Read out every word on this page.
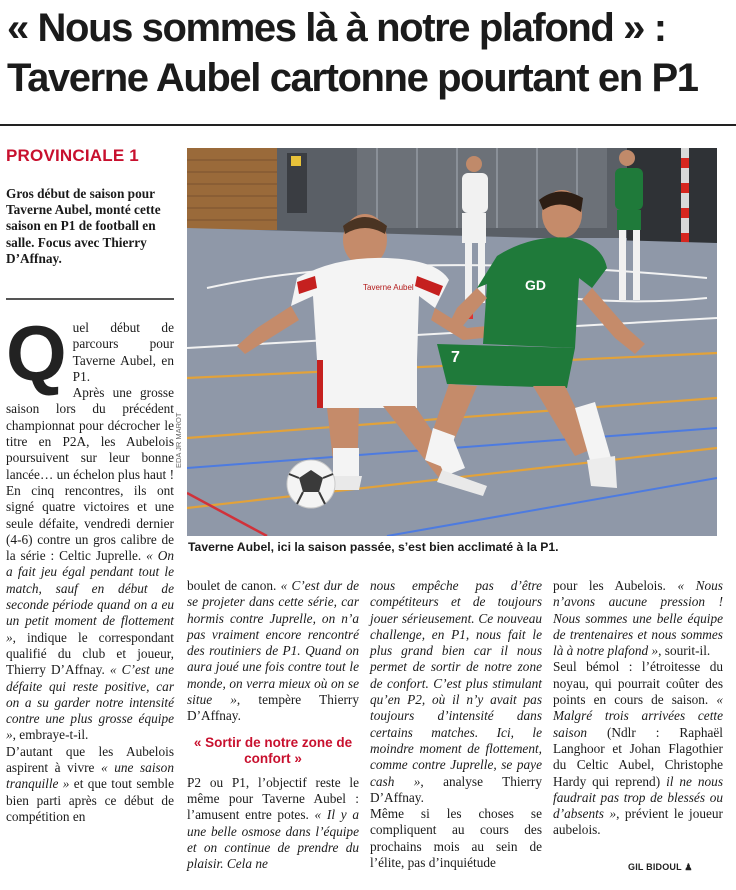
« Nous sommes là à notre plafond » :
Taverne Aubel cartonne pourtant en P1
PROVINCIALE 1
Gros début de saison pour Taverne Aubel, monté cette saison en P1 de football en salle. Focus avec Thierry D’Affnay.
Taverne Aubel	GD
7
EDA JR MAROT
Taverne Aubel, ici la saison passée, s’est bien acclimaté à la P1.

Quel début de parcours pour Taverne Aubel, en P1.

Après une grosse saison lors du précédent championnat pour décrocher le titre en P2A, les Aubelois poursuivent sur leur bonne lancée… un échelon plus haut ! En cinq rencontres, ils ont signé quatre victoires et une seule défaite, vendredi dernier (4-6) contre un gros calibre de la série : Celtic Juprelle. « On a fait jeu égal pendant tout le match, sauf en début de seconde période quand on a eu un petit moment de flottement », indique le correspondant qualifié du club et joueur, Thierry D’Affnay. « C’est une défaite qui reste positive, car on a su garder notre intensité contre une plus grosse équipe », embraye-t-il.

D’autant que les Aubelois aspirent à vivre « une saison tranquille » et que tout semble bien parti après ce début de compétition en

boulet de canon. « C’est dur de se projeter dans cette série, car hormis contre Juprelle, on n’a pas vraiment encore rencontré des routiniers de P1. Quand on aura joué une fois contre tout le monde, on verra mieux où on se situe », tempère Thierry D’Affnay.

« Sortir de notre zone de confort »

P2 ou P1, l’objectif reste le même pour Taverne Aubel : l’amusent entre potes. « Il y a une belle osmose dans l’équipe et on continue de prendre du plaisir. Cela ne

nous empêche pas d’être compétiteurs et de toujours jouer sérieusement. Ce nouveau challenge, en P1, nous fait le plus grand bien car il nous permet de sortir de notre zone de confort. C’est plus stimulant qu’en P2, où il n’y avait pas toujours d’intensité dans certains matches. Ici, le moindre moment de flottement, comme contre Juprelle, se paye cash », analyse Thierry D’Affnay.

Même si les choses se compliquent au cours des prochains mois au sein de l’élite, pas d’inquiétude

pour les Aubelois. « Nous n’avons aucune pression ! Nous sommes une belle équipe de trentenaires et nous sommes là à notre plafond », sourit-il.

Seul bémol : l’étroitesse du noyau, qui pourrait coûter des points en cours de saison. « Malgré trois arrivées cette saison (Ndlr : Raphaël Langhoor et Johan Flagothier du Celtic Aubel, Christophe Hardy qui reprend) il ne nous faudrait pas trop de blessés ou d’absents », prévient le joueur aubelois.

GIL BIDOUL ♟
